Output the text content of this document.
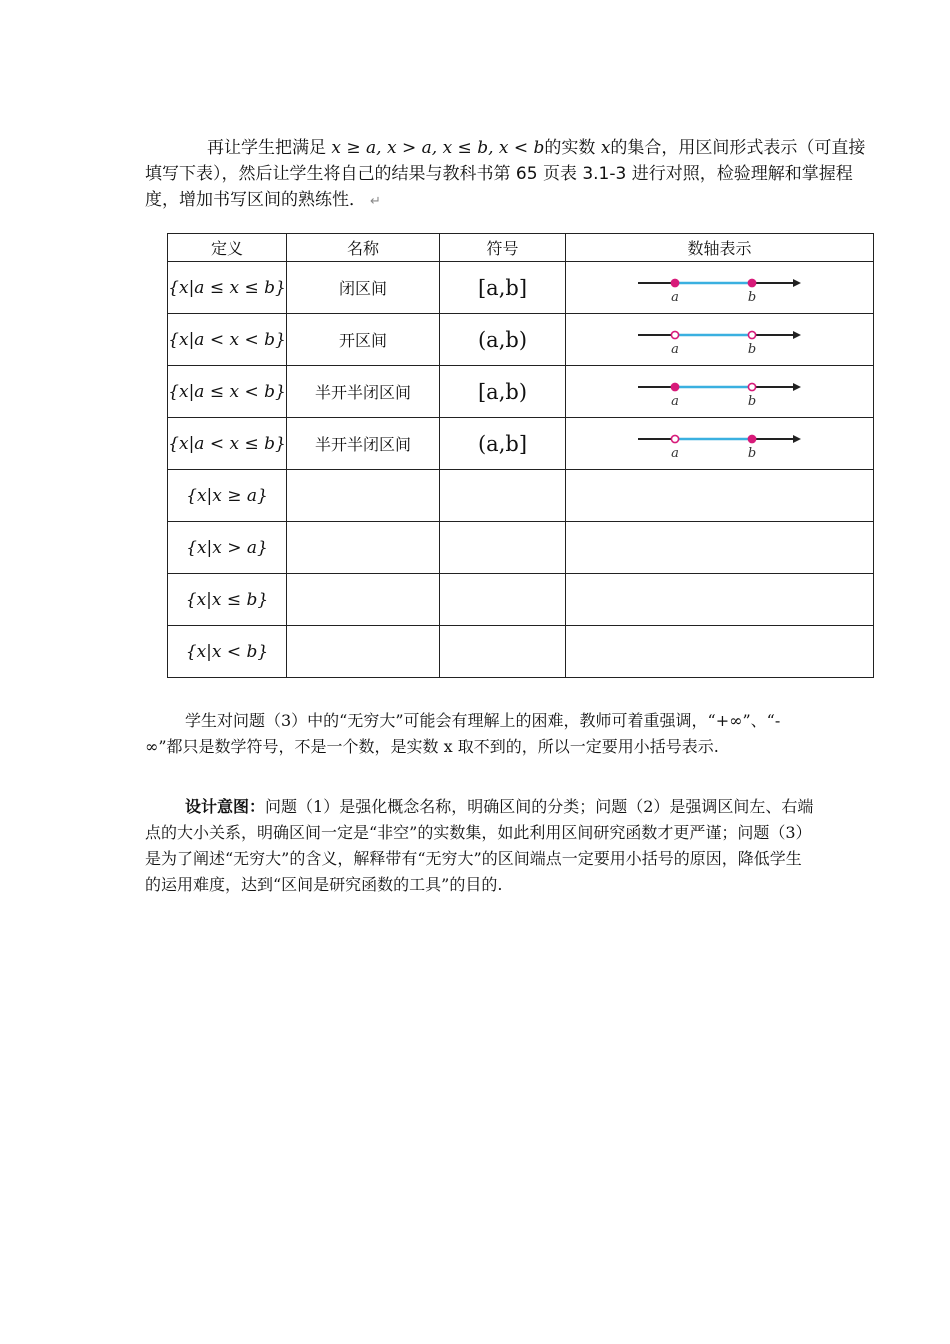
再让学生把满足 x ≥ a, x > a, x ≤ b, x < b的实数 x的集合，用区间形式表示（可直接填写下表），然后让学生将自己的结果与教科书第 65 页表 3.1-3 进行对照，检验理解和掌握程度，增加书写区间的熟练性． ↵
定义	名称	符号	数轴表示
{x|a ≤ x ≤ b}	闭区间	[a,b]	a b

{x|a < x < b}	开区间	(a,b)	a b

{x|a ≤ x < b}	半开半闭区间	[a,b)	a b

{x|a < x ≤ b}	半开半闭区间	(a,b]	a b

{x|x ≥ a}			
{x|x > a}			
{x|x ≤ b}			
{x|x < b}			
学生对问题（3）中的“无穷大”可能会有理解上的困难，教师可着重强调，“+∞”、“-∞”都只是数学符号，不是一个数，是实数 x 取不到的，所以一定要用小括号表示.
设计意图：问题（1）是强化概念名称，明确区间的分类；问题（2）是强调区间左、右端点的大小关系，明确区间一定是“非空”的实数集，如此利用区间研究函数才更严谨；问题（3）是为了阐述“无穷大”的含义，解释带有“无穷大”的区间端点一定要用小括号的原因，降低学生的运用难度，达到“区间是研究函数的工具”的目的.
